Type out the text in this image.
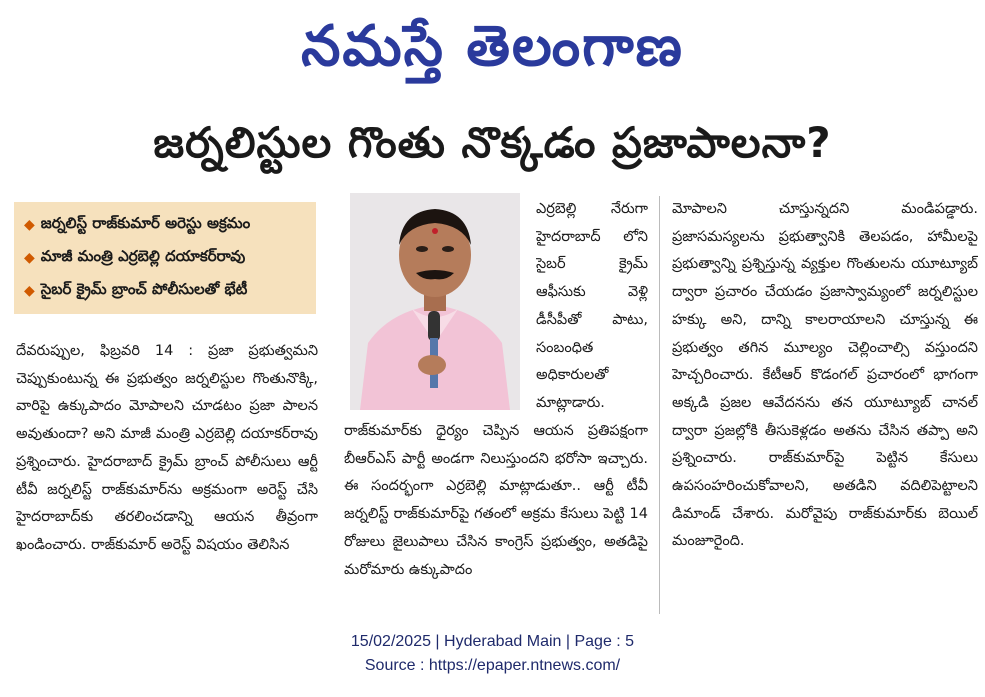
నమస్తే తెలంగాణ
జర్నలిస్టుల గొంతు నొక్కడం ప్రజాపాలనా?
◆ జర్నలిస్ట్ రాజ్‌కుమార్ అరెస్టు అక్రమం
◆ మాజీ మంత్రి ఎర్రబెల్లి దయాకర్‌రావు
◆ సైబర్ క్రైమ్ బ్రాంచ్ పోలీసులతో భేటీ
దేవరుప్పుల, ఫిబ్రవరి 14 : ప్రజా ప్రభుత్వమని చెప్పుకుంటున్న ఈ ప్రభుత్వం జర్నలిస్టుల గొంతునొక్కి, వారిపై ఉక్కుపాదం మోపాలని చూడటం ప్రజా పాలన అవుతుందా? అని మాజీ మంత్రి ఎర్రబెల్లి దయాకర్‌రావు ప్రశ్నించారు. హైదరాబాద్ క్రైమ్ బ్రాంచ్ పోలీసులు ఆర్టీ టీవీ జర్నలిస్ట్ రాజ్‌కుమార్‌ను అక్రమంగా అరెస్ట్ చేసి హైదరాబాద్‌కు తరలించడాన్ని ఆయన తీవ్రంగా ఖండించారు. రాజ్‌కుమార్ అరెస్ట్ విషయం తెలిసిన
ఎర్రబెల్లి నేరుగా హైదరాబాద్ లోని సైబర్ క్రైమ్ ఆఫీసుకు వెళ్లి డీసీపీతో పాటు, సంబంధిత అధికారులతో మాట్లాడారు.
రాజ్‌కుమార్‌కు ధైర్యం చెప్పిన ఆయన ప్రతిపక్షంగా బీఆర్‌ఎస్ పార్టీ అండగా నిలుస్తుందని భరోసా ఇచ్చారు. ఈ సందర్భంగా ఎర్రబెల్లి మాట్లాడుతూ.. ఆర్టీ టీవీ జర్నలిస్ట్ రాజ్‌కుమార్‌పై గతంలో అక్రమ కేసులు పెట్టి 14 రోజులు జైలుపాలు చేసిన కాంగ్రెస్ ప్రభుత్వం, అతడిపై మరోమారు ఉక్కుపాదం
మోపాలని చూస్తున్నదని మండిపడ్డారు. ప్రజాసమస్యలను ప్రభుత్వానికి తెలపడం, హామీలపై ప్రభుత్వాన్ని ప్రశ్నిస్తున్న వ్యక్తుల గొంతులను యూట్యూబ్ ద్వారా ప్రచారం చేయడం ప్రజాస్వామ్యంలో జర్నలిస్టుల హక్కు అని, దాన్ని కాలరాయాలని చూస్తున్న ఈ ప్రభుత్వం తగిన మూల్యం చెల్లించాల్సి వస్తుందని హెచ్చరించారు. కేటీఆర్ కొడంగల్ ప్రచారంలో భాగంగా అక్కడి ప్రజల ఆవేదనను తన యూట్యూబ్ చానల్ ద్వారా ప్రజల్లోకి తీసుకెళ్లడం అతను చేసిన తప్పా అని ప్రశ్నించారు. రాజ్‌కుమార్‌పై పెట్టిన కేసులు ఉపసంహరించుకోవాలని, అతడిని వదిలిపెట్టాలని డిమాండ్ చేశారు. మరోవైపు రాజ్‌కుమార్‌కు బెయిల్ మంజూరైంది.
15/02/2025 | Hyderabad Main | Page : 5
Source : https://epaper.ntnews.com/
